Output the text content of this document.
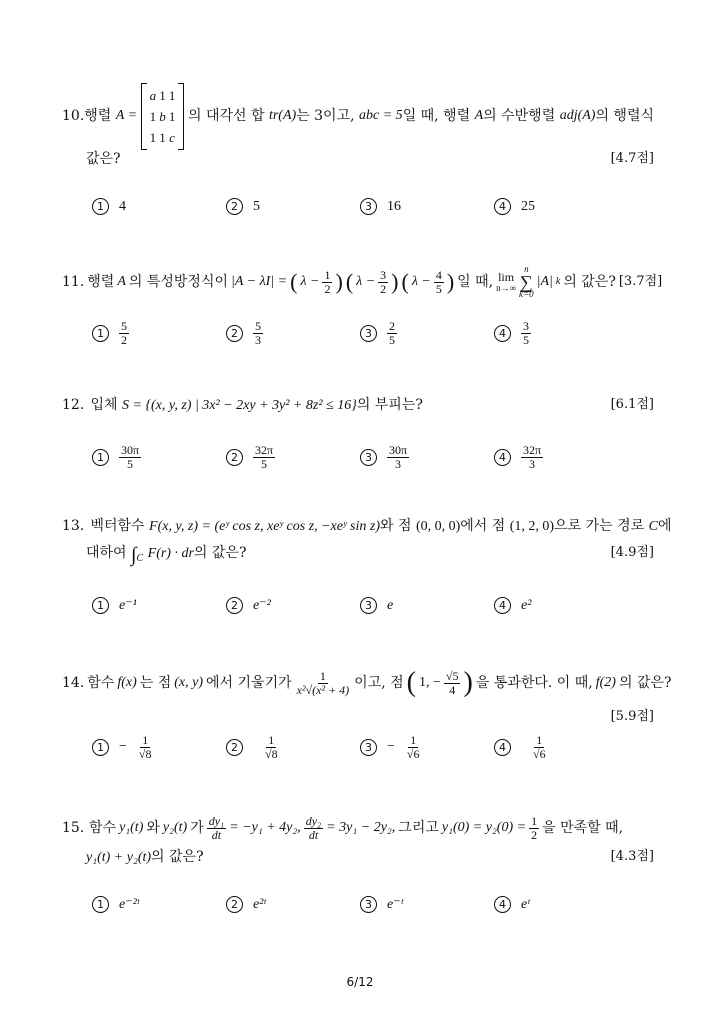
10. 행렬
A =
a	1	1
1	b	1
1	1	c
의 대각선 합
tr(A) 는 3이고,
abc = 5 일 때, 행렬
A 의 수반행렬
adj(A) 의 행렬식
값은?	[4.7점]
1	4	2	5	3	16	4	25
11. 행렬 A 의 특성방정식이 |A − λI| = ( $\lambda - \frac{1}{2}$ ) ( $\lambda - \frac{3}{2}$ ) ( $\lambda - \frac{4}{5}$ ) 일 때, lim
n→∞
n
∑
k=0
|A| k 의 값은? [3.7점]
1	$\frac{5}{2}$	2	$\frac{5}{3}$	3	$\frac{2}{5}$	4	$\frac{3}{5}$
12. 입체 S = {(x, y, z) | 3x² − 2xy + 3y² + 8z² ≤ 16}의 부피는?	[6.1점]
1	$\frac{30\pi}{5}$	2	$\frac{32\pi}{5}$	3	$\frac{30\pi}{3}$	4	$\frac{32\pi}{3}$
13. 벡터함수 F(x, y, z) = (eʸ cos z, xeʸ cos z, −xeʸ sin z)와 점 (0, 0, 0)에서 점 (1, 2, 0)으로 가는 경로 C에
대하여 $\int_C$ F(r) · dr의 값은?	[4.9점]
1	e⁻¹	2	e⁻²	3	e	4	e²
14. 함수 f(x) 는 점 (x, y) 에서 기울기가 $\frac{1}{\text{x²√(x² + 4)}}$ 이고, 점 ( 1, − $\frac{√5}{4}$ ) 을 통과한다. 이 때, f(2) 의 값은?
[5.9점]
1	− $\frac{1}{√8}$	2	$\frac{1}{√8}$	3	− $\frac{1}{√6}$	4	$\frac{1}{√6}$
15. 함수 y₁(t) 와 y₂(t) 가 $\frac{\text{dy₁}}{dt} = -y_1 + 4y_2$, $\frac{\text{dy₂}}{dt} = 3y_1 - 2y_2$, 그리고 $y_1(0) = y_2(0) = \frac{1}{2}$ 을 만족할 때,
y₁(t) + y₂(t)의 값은?	[4.3점]
1	e⁻²ᵗ	2	e²ᵗ	3	e⁻ᵗ	4	eᵗ
6/12
